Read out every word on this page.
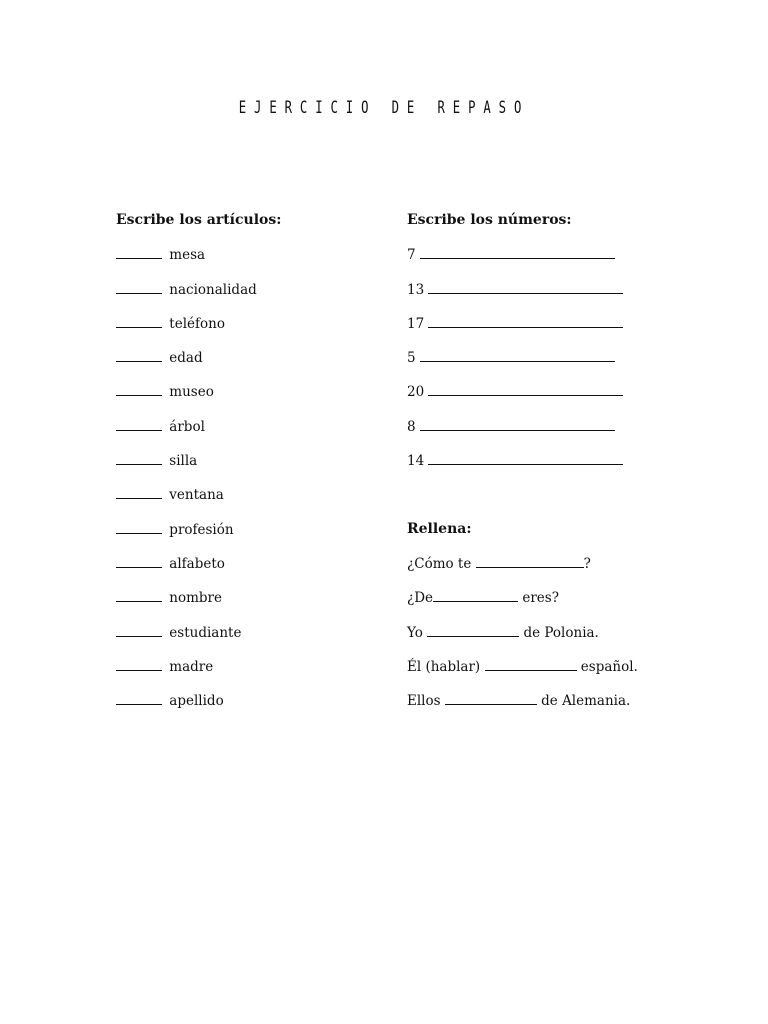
EJERCICIO DE REPASO
Escribe los artículos:
mesa
nacionalidad
teléfono
edad
museo
árbol
silla
ventana
profesión
alfabeto
nombre
estudiante
madre
apellido
Escribe los números:
7
13
17
5
20
8
14
Rellena:
¿Cómo te	?
¿De	eres?
Yo	de Polonia.
Él (hablar)	español.
Ellos	de Alemania.
